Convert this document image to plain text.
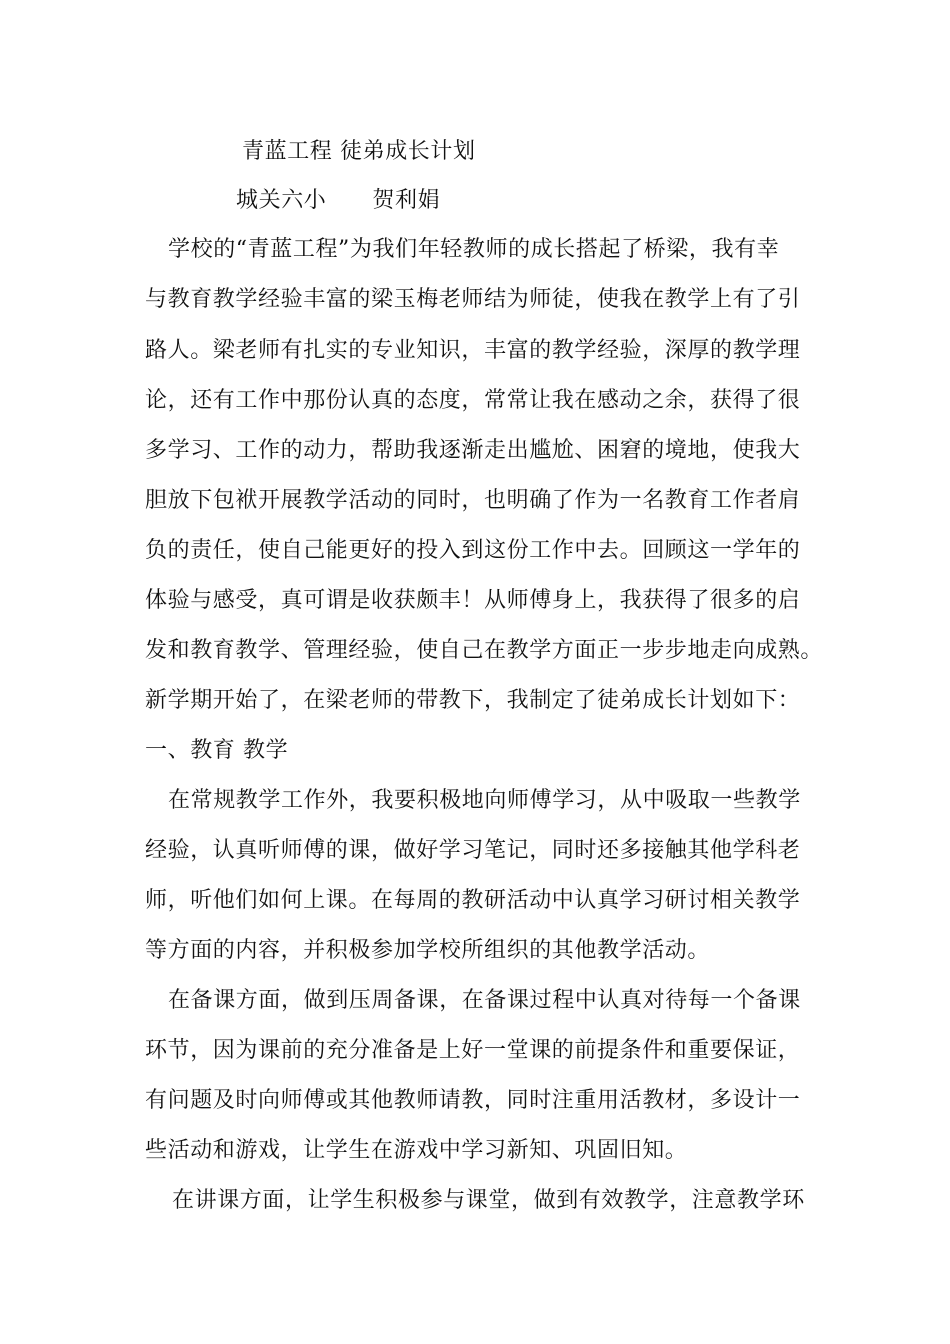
青蓝工程 徒弟成长计划
城关六小 贺利娟
学校的“青蓝工程”为我们年轻教师的成长搭起了桥梁，我有幸
与教育教学经验丰富的梁玉梅老师结为师徒，使我在教学上有了引
路人。梁老师有扎实的专业知识，丰富的教学经验，深厚的教学理
论，还有工作中那份认真的态度，常常让我在感动之余，获得了很
多学习、工作的动力，帮助我逐渐走出尴尬、困窘的境地，使我大
胆放下包袱开展教学活动的同时，也明确了作为一名教育工作者肩
负的责任，使自己能更好的投入到这份工作中去。回顾这一学年的
体验与感受，真可谓是收获颇丰！从师傅身上，我获得了很多的启
发和教育教学、管理经验，使自己在教学方面正一步步地走向成熟。
新学期开始了，在梁老师的带教下，我制定了徒弟成长计划如下：
一、教育 教学
在常规教学工作外，我要积极地向师傅学习，从中吸取一些教学
经验，认真听师傅的课，做好学习笔记，同时还多接触其他学科老
师，听他们如何上课。在每周的教研活动中认真学习研讨相关教学
等方面的内容，并积极参加学校所组织的其他教学活动。
在备课方面，做到压周备课，在备课过程中认真对待每一个备课
环节，因为课前的充分准备是上好一堂课的前提条件和重要保证，
有问题及时向师傅或其他教师请教，同时注重用活教材，多设计一
些活动和游戏，让学生在游戏中学习新知、巩固旧知。
在讲课方面，让学生积极参与课堂，做到有效教学，注意教学环
